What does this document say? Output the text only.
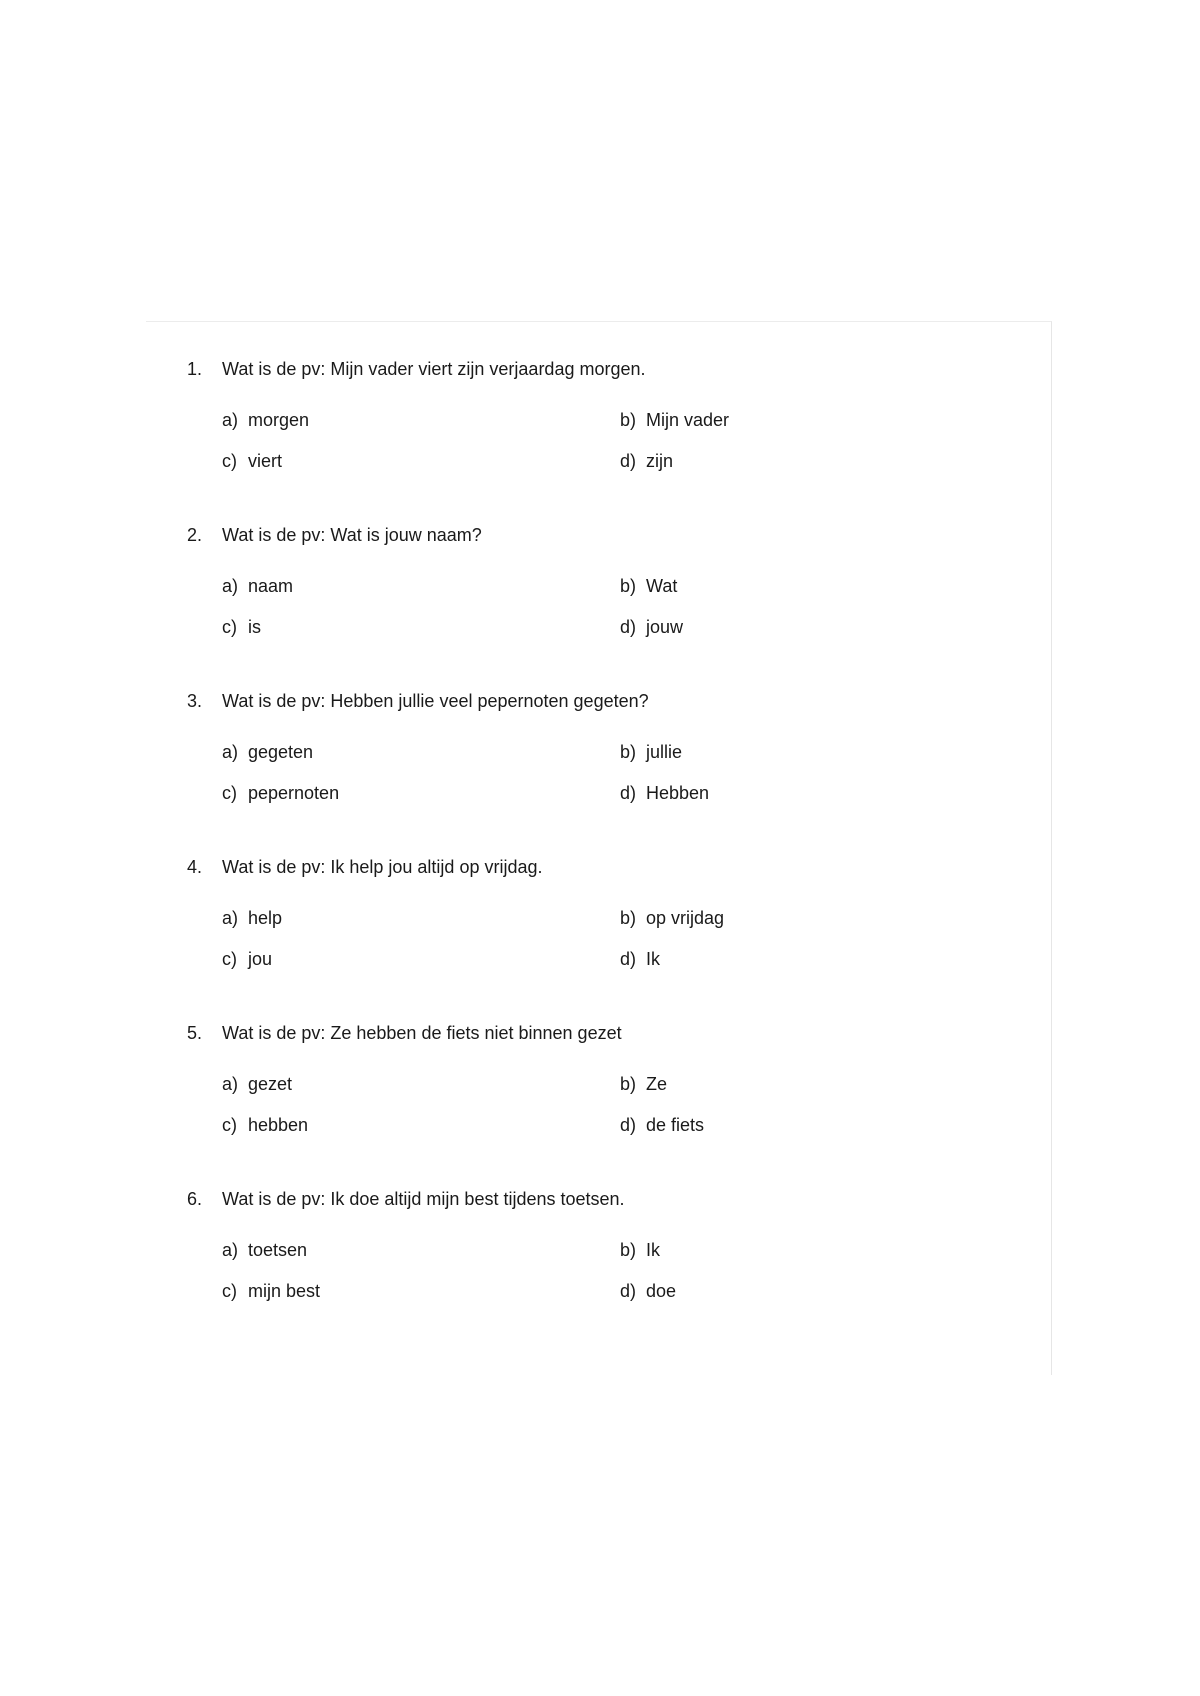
1. Wat is de pv: Mijn vader viert zijn verjaardag morgen.
a) morgen	b) Mijn vader
c) viert	d) zijn
2. Wat is de pv: Wat is jouw naam?
a) naam	b) Wat
c) is	d) jouw
3. Wat is de pv: Hebben jullie veel pepernoten gegeten?
a) gegeten	b) jullie
c) pepernoten	d) Hebben
4. Wat is de pv: Ik help jou altijd op vrijdag.
a) help	b) op vrijdag
c) jou	d) Ik
5. Wat is de pv: Ze hebben de fiets niet binnen gezet
a) gezet	b) Ze
c) hebben	d) de fiets
6. Wat is de pv: Ik doe altijd mijn best tijdens toetsen.
a) toetsen	b) Ik
c) mijn best	d) doe
